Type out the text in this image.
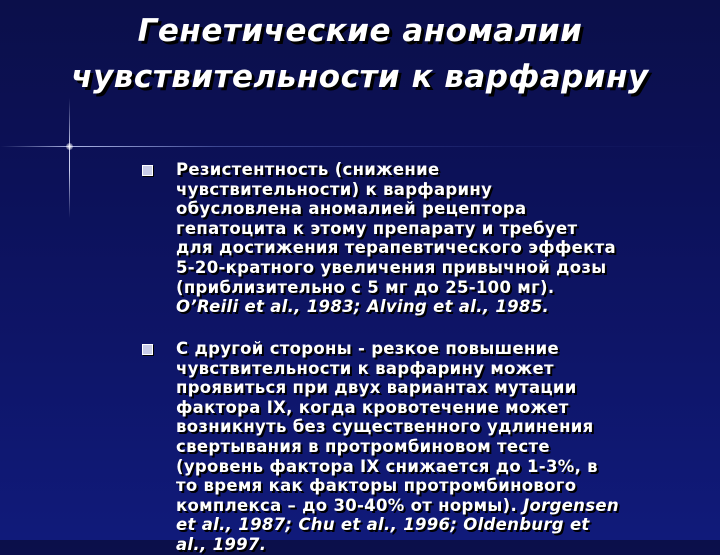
Генетические аномалии
чувствительности к варфарину
Резистентность (снижение
чувствительности) к варфарину
обусловлена аномалией рецептора
гепатоцита к этому препарату и требует
для достижения терапевтического эффекта
5-20-кратного увеличения привычной дозы
(приблизительно с 5 мг до 25-100 мг).
O’Reili et al., 1983; Alving et al., 1985.
С другой стороны - резкое повышение
чувствительности к варфарину может
проявиться при двух вариантах мутации
фактора IX, когда кровотечение может
возникнуть без существенного удлинения
свертывания в протромбиновом тесте
(уровень фактора IX снижается до 1-3%, в
то время как факторы протромбинового
комплекса – до 30-40% от нормы). Jorgensen
et al., 1987; Chu et al., 1996; Oldenburg et
al., 1997.
